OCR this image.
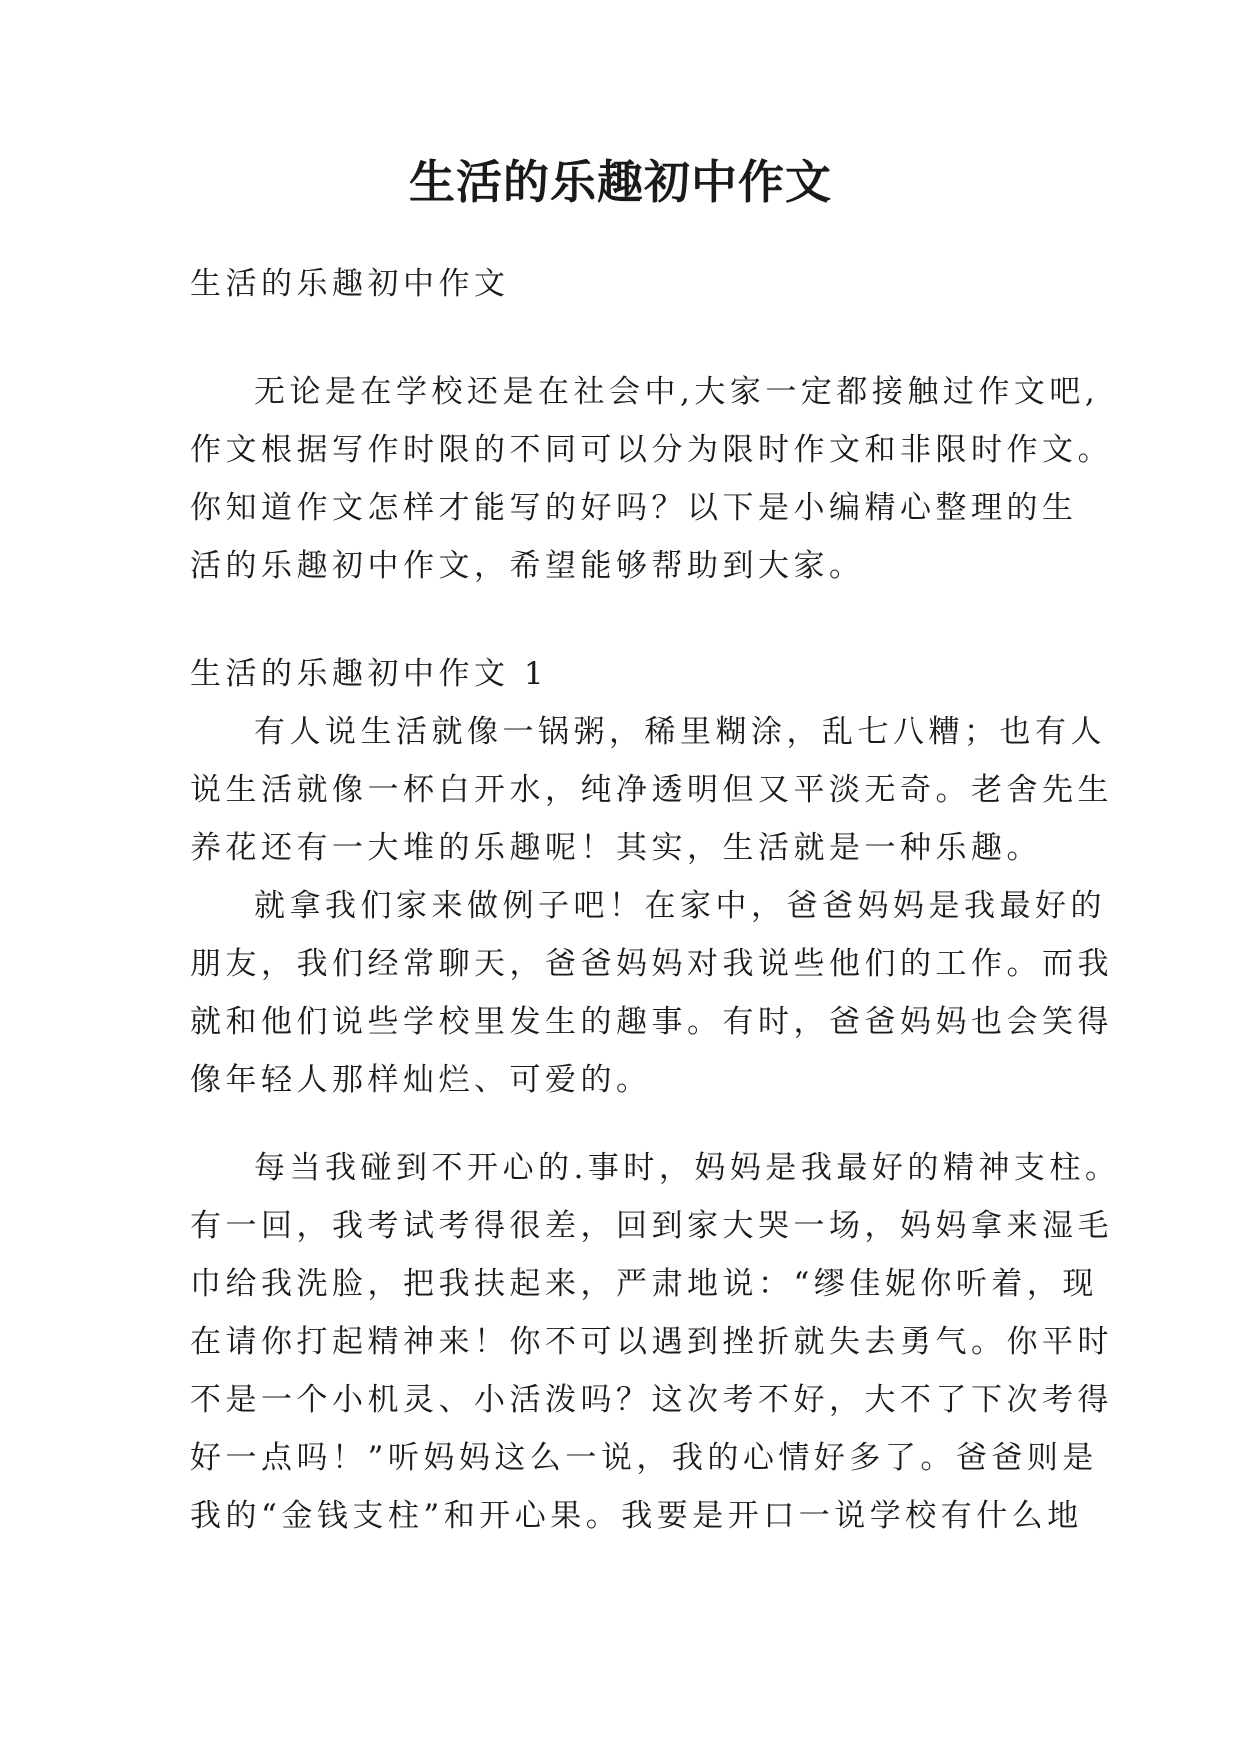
生活的乐趣初中作文

生活的乐趣初中作文

无论是在学校还是在社会中,大家一定都接触过作文吧,

作文根据写作时限的不同可以分为限时作文和非限时作文。

你知道作文怎样才能写的好吗？以下是小编精心整理的生

活的乐趣初中作文，希望能够帮助到大家。

生活的乐趣初中作文 1

有人说生活就像一锅粥，稀里糊涂，乱七八糟；也有人

说生活就像一杯白开水，纯净透明但又平淡无奇。老舍先生

养花还有一大堆的乐趣呢！其实，生活就是一种乐趣。

就拿我们家来做例子吧！在家中，爸爸妈妈是我最好的

朋友，我们经常聊天，爸爸妈妈对我说些他们的工作。而我

就和他们说些学校里发生的趣事。有时，爸爸妈妈也会笑得

像年轻人那样灿烂、可爱的。

每当我碰到不开心的.事时，妈妈是我最好的精神支柱。

有一回，我考试考得很差，回到家大哭一场，妈妈拿来湿毛

巾给我洗脸，把我扶起来，严肃地说：“缪佳妮你听着，现

在请你打起精神来！你不可以遇到挫折就失去勇气。你平时

不是一个小机灵、小活泼吗？这次考不好，大不了下次考得

好一点吗！”听妈妈这么一说，我的心情好多了。爸爸则是

我的“金钱支柱”和开心果。我要是开口一说学校有什么地
